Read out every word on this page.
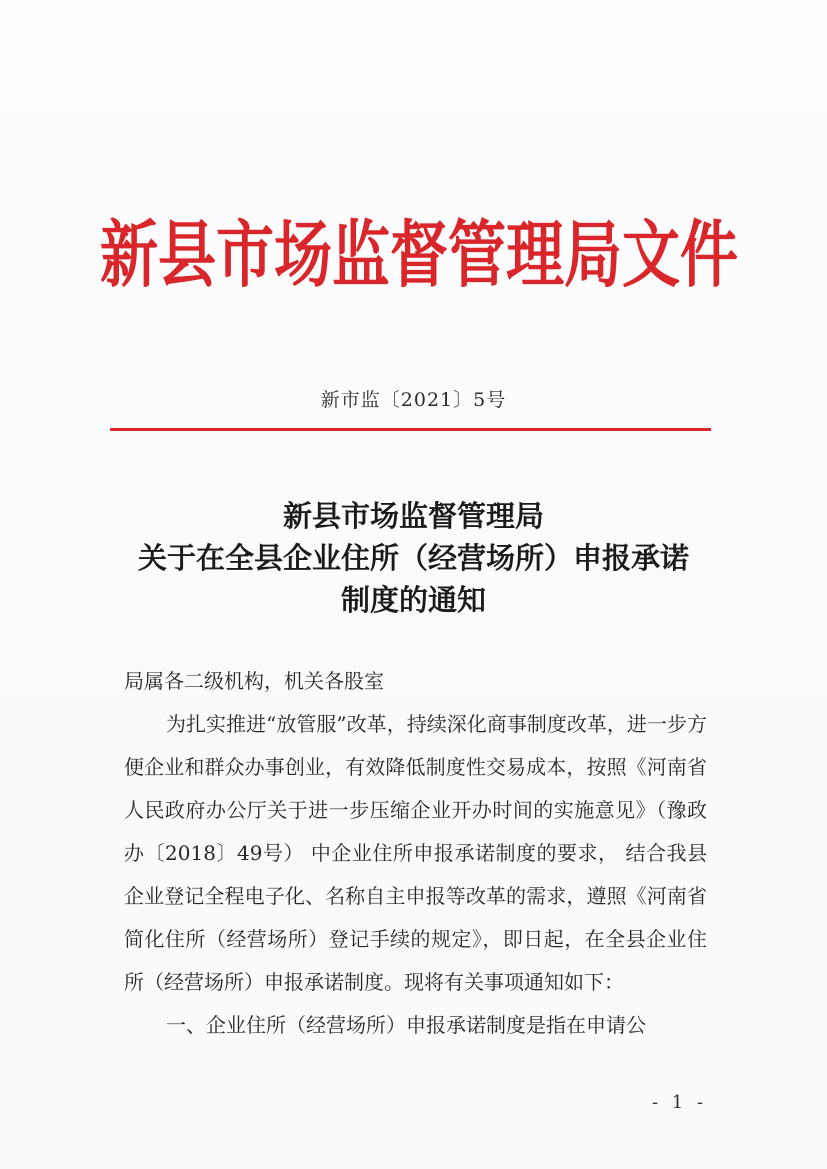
新县市场监督管理局文件
新市监〔2021〕5号
新县市场监督管理局
关于在全县企业住所（经营场所）申报承诺
制度的通知
局属各二级机构，机关各股室

为扎实推进“放管服”改革，持续深化商事制度改革，进一步方便企业和群众办事创业，有效降低制度性交易成本，按照《河南省人民政府办公厅关于进一步压缩企业开办时间的实施意见》（豫政办〔2018〕49号） 中企业住所申报承诺制度的要求， 结合我县企业登记全程电子化、名称自主申报等改革的需求，遵照《河南省简化住所（经营场所）登记手续的规定》，即日起，在全县企业住所（经营场所）申报承诺制度。现将有关事项通知如下：

一、企业住所（经营场所）申报承诺制度是指在申请公

- 1 -
